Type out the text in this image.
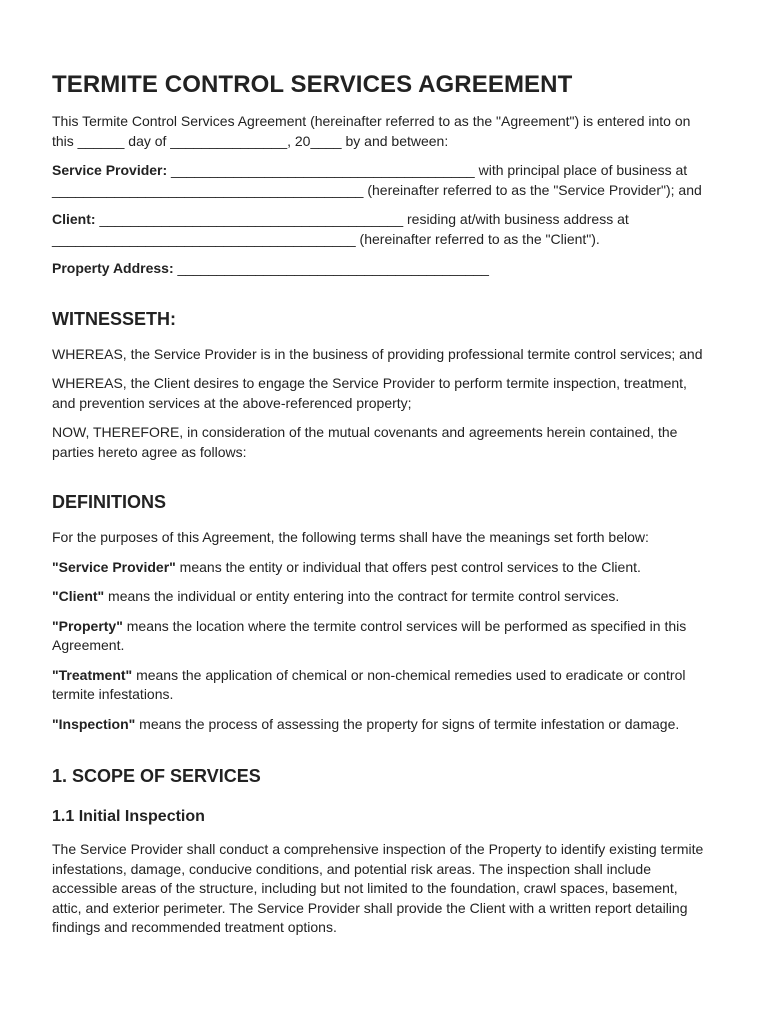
TERMITE CONTROL SERVICES AGREEMENT

This Termite Control Services Agreement (hereinafter referred to as the "Agreement") is entered into on this ______ day of _______________, 20____ by and between:

Service Provider: _______________________________________ with principal place of business at ________________________________________ (hereinafter referred to as the "Service Provider"); and

Client: _______________________________________ residing at/with business address at _______________________________________ (hereinafter referred to as the "Client").

Property Address: ________________________________________

WITNESSETH:

WHEREAS, the Service Provider is in the business of providing professional termite control services; and

WHEREAS, the Client desires to engage the Service Provider to perform termite inspection, treatment, and prevention services at the above-referenced property;

NOW, THEREFORE, in consideration of the mutual covenants and agreements herein contained, the parties hereto agree as follows:

DEFINITIONS

For the purposes of this Agreement, the following terms shall have the meanings set forth below:

"Service Provider" means the entity or individual that offers pest control services to the Client.

"Client" means the individual or entity entering into the contract for termite control services.

"Property" means the location where the termite control services will be performed as specified in this Agreement.

"Treatment" means the application of chemical or non-chemical remedies used to eradicate or control termite infestations.

"Inspection" means the process of assessing the property for signs of termite infestation or damage.

1. SCOPE OF SERVICES
1.1 Initial Inspection

The Service Provider shall conduct a comprehensive inspection of the Property to identify existing termite infestations, damage, conducive conditions, and potential risk areas. The inspection shall include accessible areas of the structure, including but not limited to the foundation, crawl spaces, basement, attic, and exterior perimeter. The Service Provider shall provide the Client with a written report detailing findings and recommended treatment options.
